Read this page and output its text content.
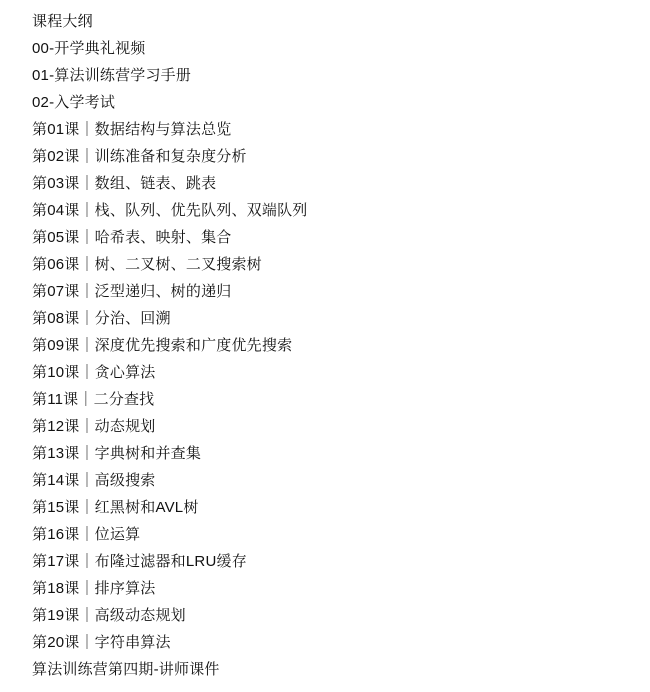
课程大纲
00-开学典礼视频
01-算法训练营学习手册
02-入学考试
第01课｜数据结构与算法总览
第02课｜训练准备和复杂度分析
第03课｜数组、链表、跳表
第04课｜栈、队列、优先队列、双端队列
第05课｜哈希表、映射、集合
第06课｜树、二叉树、二叉搜索树
第07课｜泛型递归、树的递归
第08课｜分治、回溯
第09课｜深度优先搜索和广度优先搜索
第10课｜贪心算法
第11课｜二分查找
第12课｜动态规划
第13课｜字典树和并查集
第14课｜高级搜索
第15课｜红黑树和AVL树
第16课｜位运算
第17课｜布隆过滤器和LRU缓存
第18课｜排序算法
第19课｜高级动态规划
第20课｜字符串算法
算法训练营第四期-讲师课件
